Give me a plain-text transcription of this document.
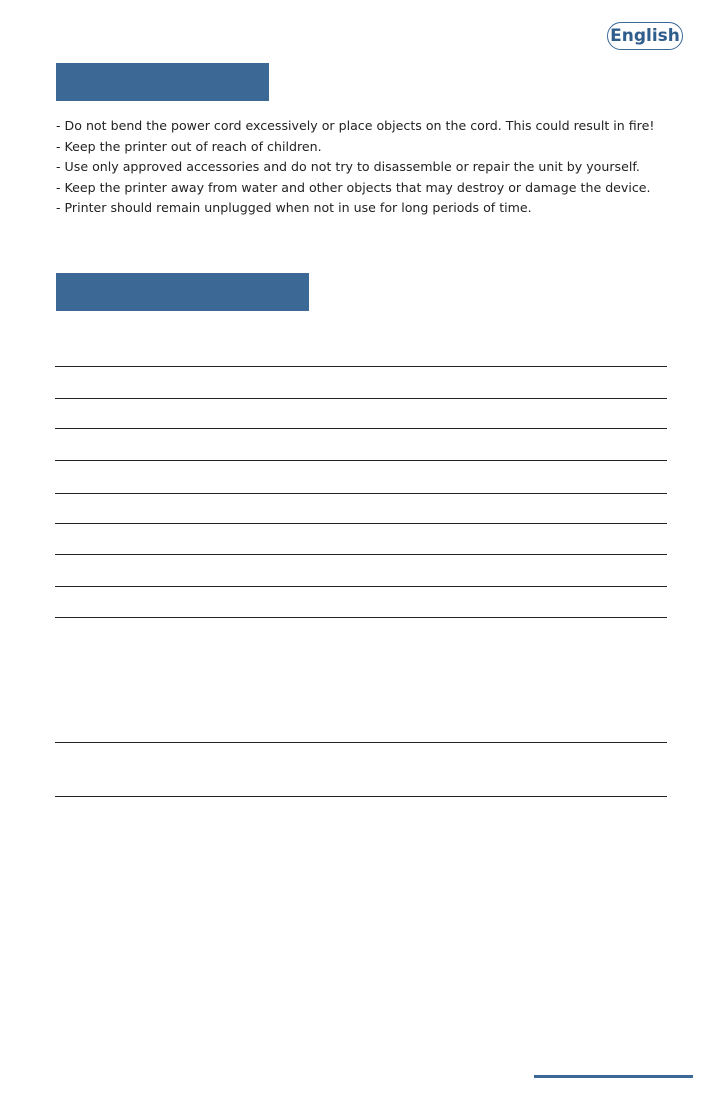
English
- Do not bend the power cord excessively or place objects on the cord. This could result in fire!
- Keep the printer out of reach of children.
- Use only approved accessories and do not try to disassemble or repair the unit by yourself.
- Keep the printer away from water and other objects that may destroy or damage the device.
- Printer should remain unplugged when not in use for long periods of time.
